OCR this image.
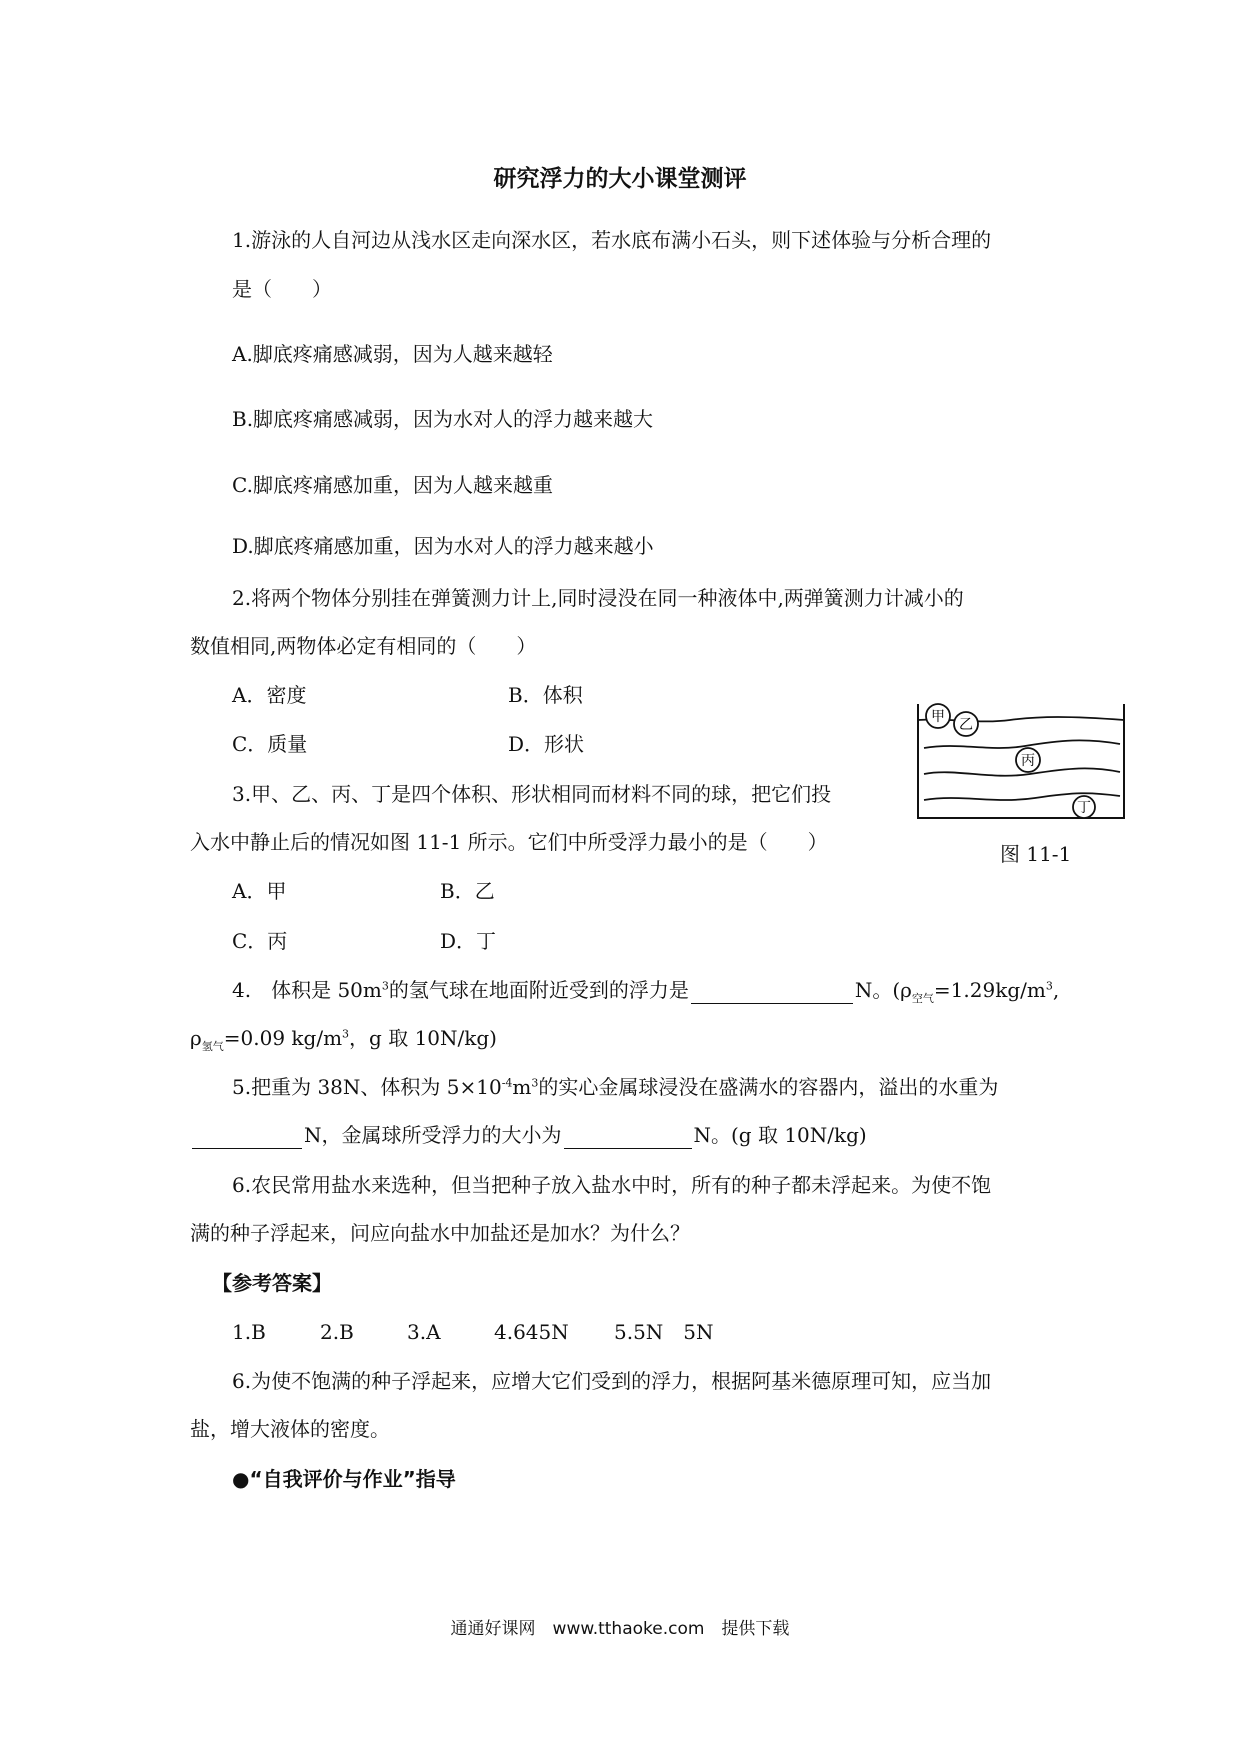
研究浮力的大小课堂测评
1.游泳的人自河边从浅水区走向深水区，若水底布满小石头，则下述体验与分析合理的
是（　　）
A.脚底疼痛感减弱，因为人越来越轻
B.脚底疼痛感减弱，因为水对人的浮力越来越大
C.脚底疼痛感加重，因为人越来越重
D.脚底疼痛感加重，因为水对人的浮力越来越小
2.将两个物体分别挂在弹簧测力计上,同时浸没在同一种液体中,两弹簧测力计减小的
数值相同,两物体必定有相同的（　　）
A．密度	B．体积
C．质量	D．形状
甲 乙
丙
丁
图 11-1
3.甲、乙、丙、丁是四个体积、形状相同而材料不同的球，把它们投
入水中静止后的情况如图 11-1 所示。它们中所受浮力最小的是（　　）
A．甲	B．乙
C．丙	D．丁
4.　体积是 $50m^3$的氢气球在地面附近受到的浮力是	N。($\rho_{空气}=1.29kg/m^3$,
$\rho_{氢气}=0.09$ $kg/m^3$，g 取 10N/kg)
5.把重为 38N、体积为 $5\times 10^{-4}m^3$的实心金属球浸没在盛满水的容器内，溢出的水重为
N，金属球所受浮力的大小为	N。(g 取 10N/kg)
6.农民常用盐水来选种，但当把种子放入盐水中时，所有的种子都未浮起来。为使不饱
满的种子浮起来，问应向盐水中加盐还是加水？为什么？
【参考答案】
1.B	2.B	3.A	4.645N 5.5N　5N
6.为使不饱满的种子浮起来，应增大它们受到的浮力，根据阿基米德原理可知，应当加
盐，增大液体的密度。
●“自我评价与作业”指导
通通好课网　www.tthaoke.com　提供下载
